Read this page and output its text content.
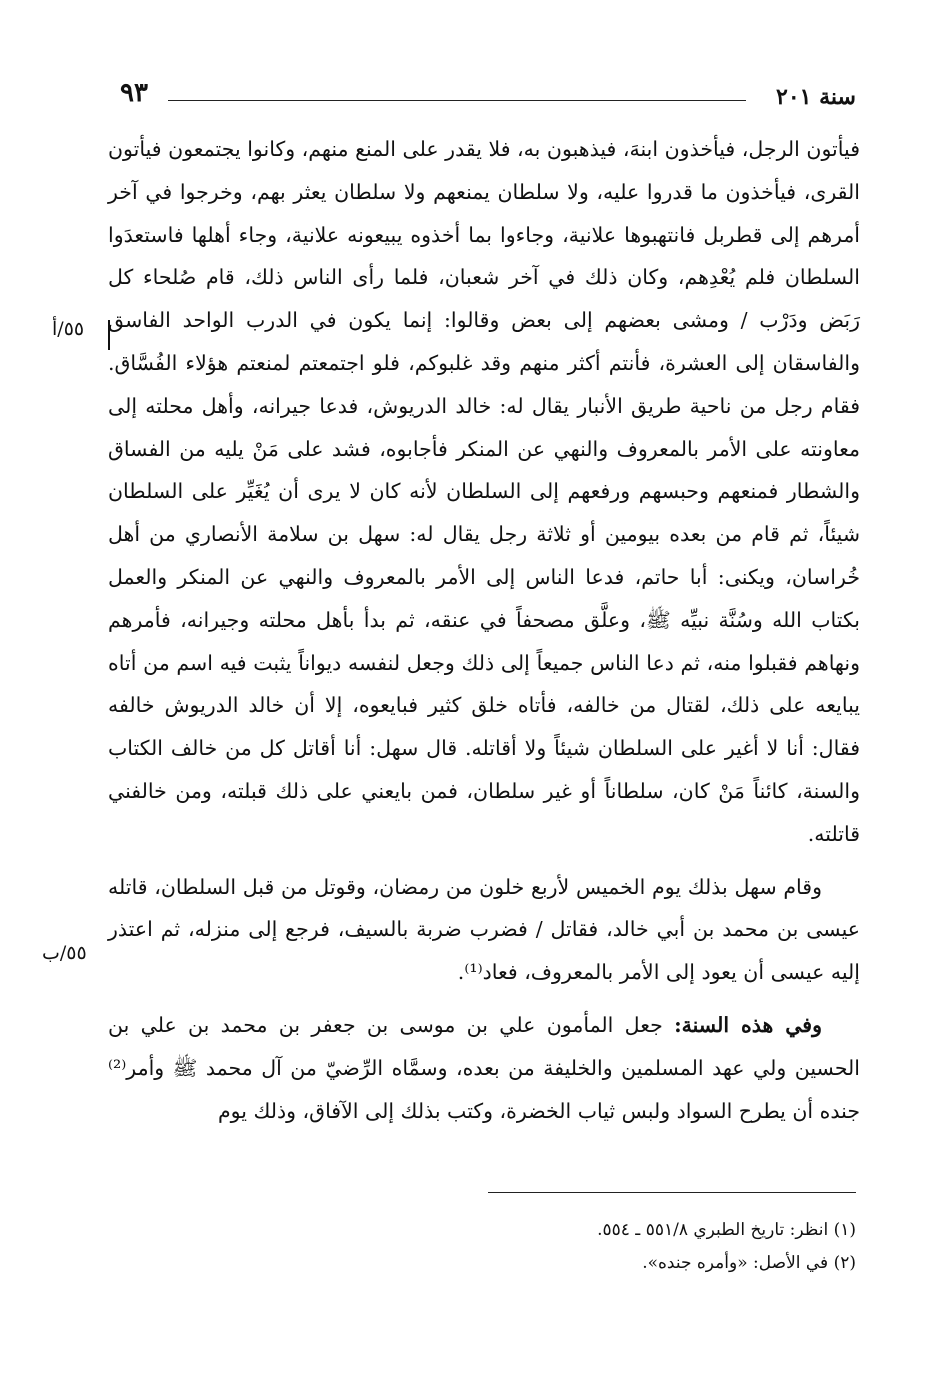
٩٣	سنة ٢٠١
٥٥/أ
٥٥/ب

فيأتون الرجل، فيأخذون ابنهَ، فيذهبون به، فلا يقدر على المنع منهم، وكانوا يجتمعون فيأتون القرى، فيأخذون ما قدروا عليه، ولا سلطان يمنعهم ولا سلطان يعثر بهم، وخرجوا في آخر أمرهم إلى قطربل فانتهبوها علانية، وجاءوا بما أخذوه يبيعونه علانية، وجاء أهلها فاستعدَوا السلطان فلم يُعْدِهم، وكان ذلك في آخر شعبان، فلما رأى الناس ذلك، قام صُلحاء كل رَبَض ودَرْب / ومشى بعضهم إلى بعض وقالوا: إنما يكون في الدرب الواحد الفاسق والفاسقان إلى العشرة، فأنتم أكثر منهم وقد غلبوكم، فلو اجتمعتم لمنعتم هؤلاء الفُسَّاق. فقام رجل من ناحية طريق الأنبار يقال له: خالد الدريوش، فدعا جيرانه، وأهل محلته إلى معاونته على الأمر بالمعروف والنهي عن المنكر فأجابوه، فشد على مَنْ يليه من الفساق والشطار فمنعهم وحبسهم ورفعهم إلى السلطان لأنه كان لا يرى أن يُغَيِّر على السلطان شيئاً، ثم قام من بعده بيومين أو ثلاثة رجل يقال له: سهل بن سلامة الأنصاري من أهل خُراسان، ويكنى: أبا حاتم، فدعا الناس إلى الأمر بالمعروف والنهي عن المنكر والعمل بكتاب الله وسُنَّة نبيِّه ﷺ، وعلَّق مصحفاً في عنقه، ثم بدأ بأهل محلته وجيرانه، فأمرهم ونهاهم فقبلوا منه، ثم دعا الناس جميعاً إلى ذلك وجعل لنفسه ديواناً يثبت فيه اسم من أتاه يبايعه على ذلك، لقتال من خالفه، فأتاه خلق كثير فبايعوه، إلا أن خالد الدريوش خالفه فقال: أنا لا أغير على السلطان شيئاً ولا أقاتله. قال سهل: أنا أقاتل كل من خالف الكتاب والسنة، كائناً مَنْ كان، سلطاناً أو غير سلطان، فمن بايعني على ذلك قبلته، ومن خالفني قاتلته.

وقام سهل بذلك يوم الخميس لأربع خلون من رمضان، وقوتل من قبل السلطان، قاتله عيسى بن محمد بن أبي خالد، فقاتل / فضرب ضربة بالسيف، فرجع إلى منزله، ثم اعتذر إليه عيسى أن يعود إلى الأمر بالمعروف، فعاد⁽¹⁾.

وفي هذه السنة: جعل المأمون علي بن موسى بن جعفر بن محمد بن علي بن الحسين ولي عهد المسلمين والخليفة من بعده، وسمَّاه الرِّضيّ من آل محمد ﷺ وأمر⁽²⁾ جنده أن يطرح السواد ولبس ثياب الخضرة، وكتب بذلك إلى الآفاق، وذلك يوم

(١) انظر: تاريخ الطبري ٥٥١/٨ ـ ٥٥٤.

(٢) في الأصل: «وأمره جنده».
